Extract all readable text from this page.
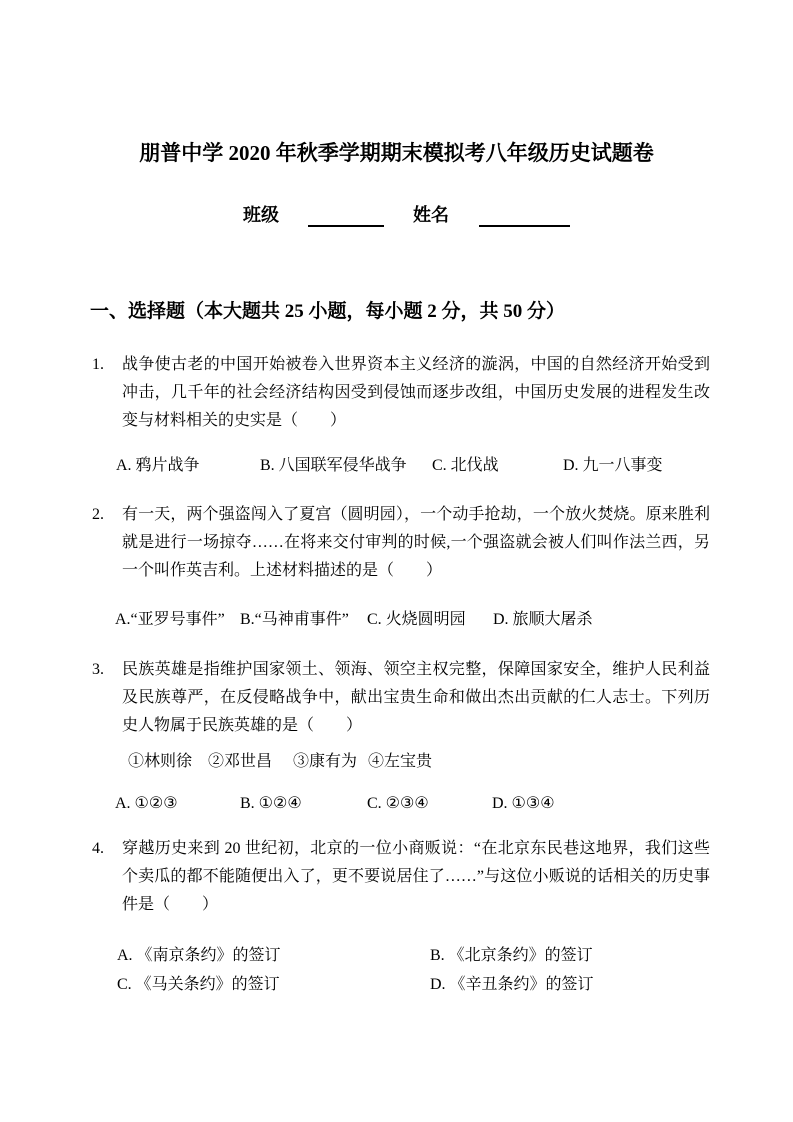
朋普中学 2020 年秋季学期期末模拟考八年级历史试题卷
班级	姓名
一、选择题（本大题共 25 小题，每小题 2 分，共 50 分）
1. 战争使古老的中国开始被卷入世界资本主义经济的漩涡，中国的自然经济开始受到冲击，几千年的社会经济结构因受到侵蚀而逐步改组，中国历史发展的进程发生改变与材料相关的史实是（　　）
A. 鸦片战争	B. 八国联军侵华战争 C. 北伐战	D. 九一八事变
2. 有一天，两个强盗闯入了夏宫（圆明园），一个动手抢劫，一个放火焚烧。原来胜利就是进行一场掠夺……在将来交付审判的时候,一个强盗就会被人们叫作法兰西，另一个叫作英吉利。上述材料描述的是（　　）
A.“亚罗号事件” B.“马神甫事件” C. 火烧圆明园 D. 旅顺大屠杀
3. 民族英雄是指维护国家领土、领海、领空主权完整，保障国家安全，维护人民利益及民族尊严，在反侵略战争中，献出宝贵生命和做出杰出贡献的仁人志士。下列历史人物属于民族英雄的是（　　）
①林则徐 ②邓世昌 ③康有为 ④左宝贵
A. ①②③	B. ①②④	C. ②③④	D. ①③④
4. 穿越历史来到 20 世纪初，北京的一位小商贩说：“在北京东民巷这地界，我们这些个卖瓜的都不能随便出入了，更不要说居住了……”与这位小贩说的话相关的历史事件是（　　）
A. 《南京条约》的签订	B. 《北京条约》的签订
C. 《马关条约》的签订	D. 《辛丑条约》的签订
